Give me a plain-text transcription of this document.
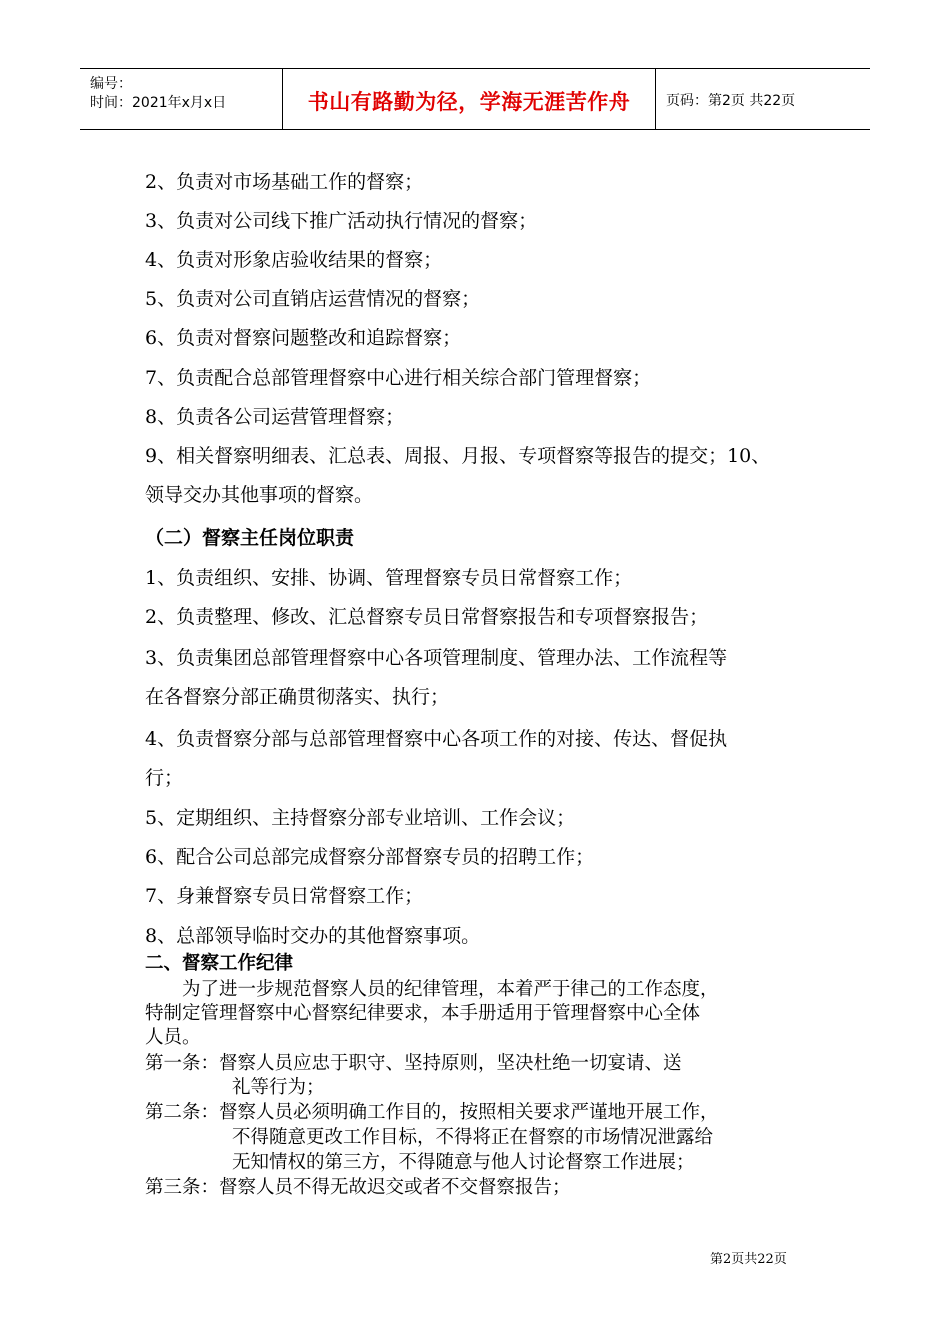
编号：
时间：2021年x月x日	书山有路勤为径，学海无涯苦作舟	页码：第2页 共22页
2、负责对市场基础工作的督察；
3、负责对公司线下推广活动执行情况的督察；
4、负责对形象店验收结果的督察；
5、负责对公司直销店运营情况的督察；
6、负责对督察问题整改和追踪督察；
7、负责配合总部管理督察中心进行相关综合部门管理督察；
8、负责各公司运营管理督察；
9、相关督察明细表、汇总表、周报、月报、专项督察等报告的提交；10、
领导交办其他事项的督察。
（二）督察主任岗位职责
1、负责组织、安排、协调、管理督察专员日常督察工作；
2、负责整理、修改、汇总督察专员日常督察报告和专项督察报告；
3、负责集团总部管理督察中心各项管理制度、管理办法、工作流程等
在各督察分部正确贯彻落实、执行；
4、负责督察分部与总部管理督察中心各项工作的对接、传达、督促执
行；
5、定期组织、主持督察分部专业培训、工作会议；
6、配合公司总部完成督察分部督察专员的招聘工作；
7、身兼督察专员日常督察工作；
8、总部领导临时交办的其他督察事项。
二、督察工作纪律
为了进一步规范督察人员的纪律管理，本着严于律己的工作态度，
特制定管理督察中心督察纪律要求，本手册适用于管理督察中心全体
人员。
第一条：督察人员应忠于职守、坚持原则，坚决杜绝一切宴请、送
礼等行为；
第二条：督察人员必须明确工作目的，按照相关要求严谨地开展工作，
不得随意更改工作目标，不得将正在督察的市场情况泄露给
无知情权的第三方，不得随意与他人讨论督察工作进展；
第三条：督察人员不得无故迟交或者不交督察报告；
第2页共22页
